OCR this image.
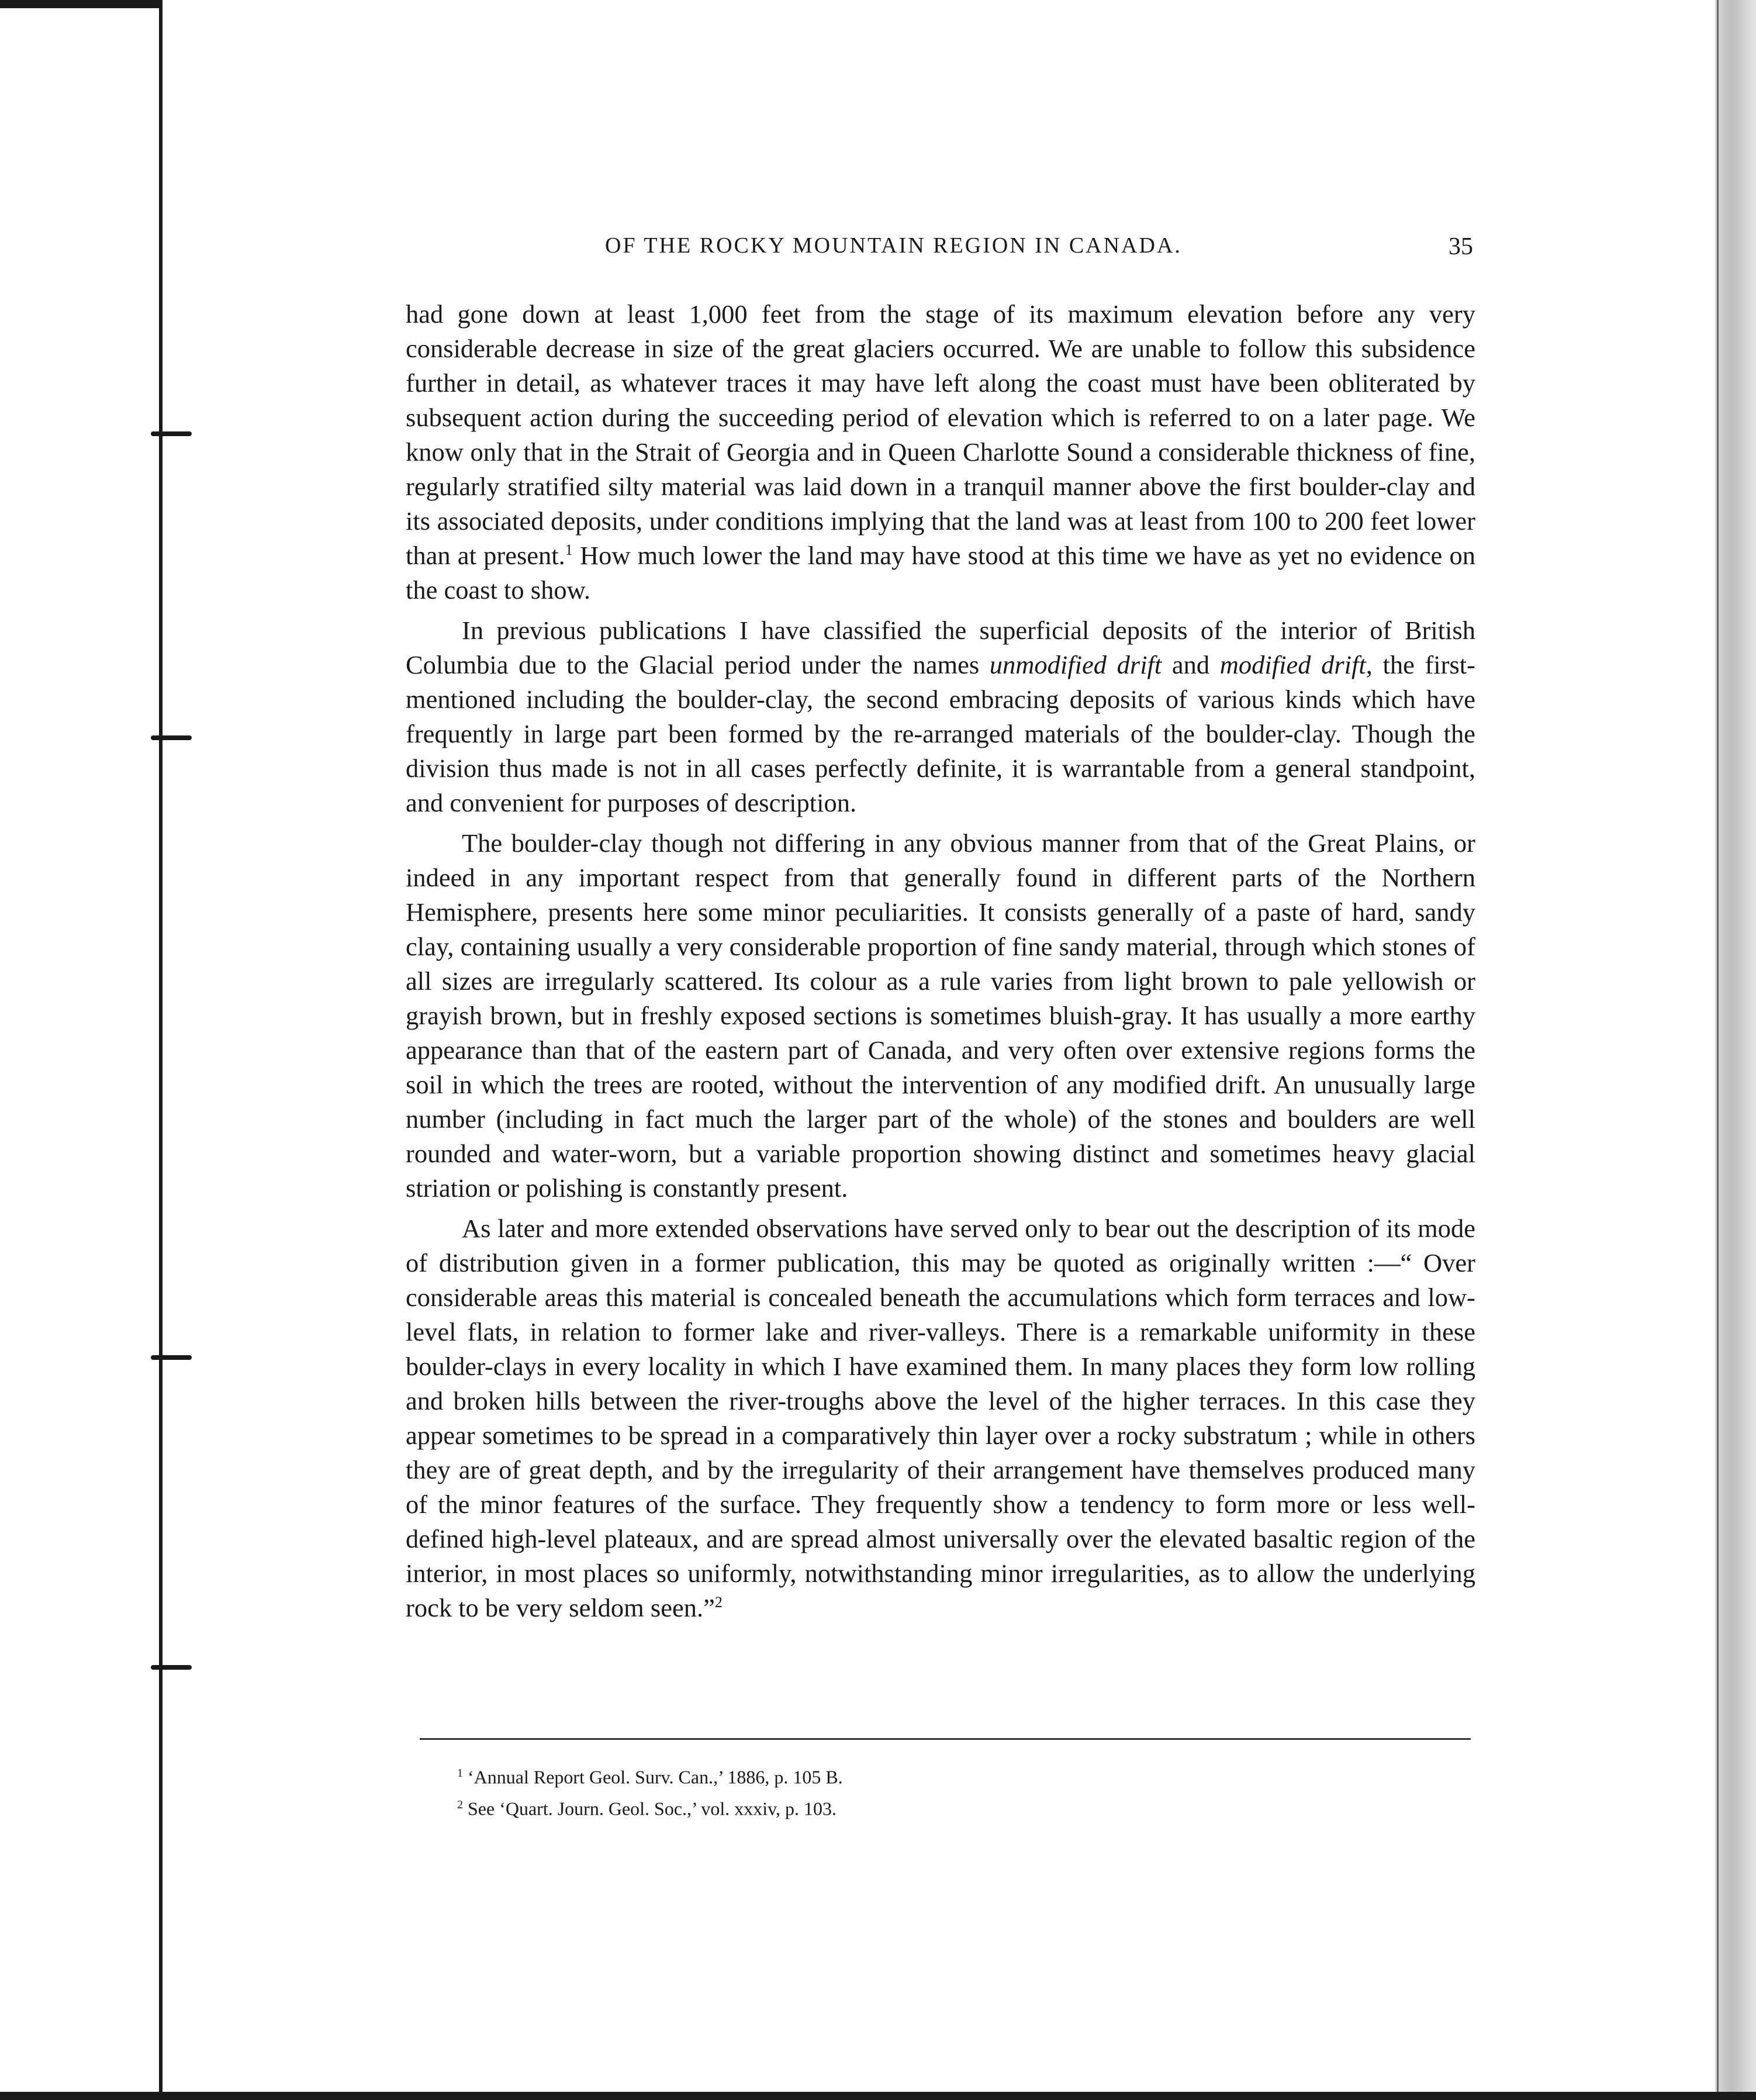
OF THE ROCKY MOUNTAIN REGION IN CANADA.	35

had gone down at least 1,000 feet from the stage of its maximum elevation before any very considerable decrease in size of the great glaciers occurred. We are unable to follow this subsidence further in detail, as whatever traces it may have left along the coast must have been obliterated by subsequent action during the succeeding period of elevation which is referred to on a later page. We know only that in the Strait of Georgia and in Queen Charlotte Sound a considerable thickness of fine, regularly stratified silty material was laid down in a tranquil manner above the first boulder-clay and its associated deposits, under conditions implying that the land was at least from 100 to 200 feet lower than at present.$^1$ How much lower the land may have stood at this time we have as yet no evidence on the coast to show.

In previous publications I have classified the superficial deposits of the interior of British Columbia due to the Glacial period under the names unmodified drift and modified drift, the first-mentioned including the boulder-clay, the second embracing deposits of various kinds which have frequently in large part been formed by the re-arranged materials of the boulder-clay. Though the division thus made is not in all cases perfectly definite, it is warrantable from a general standpoint, and convenient for purposes of description.

The boulder-clay though not differing in any obvious manner from that of the Great Plains, or indeed in any important respect from that generally found in different parts of the Northern Hemisphere, presents here some minor peculiarities. It consists generally of a paste of hard, sandy clay, containing usually a very considerable proportion of fine sandy material, through which stones of all sizes are irregularly scattered. Its colour as a rule varies from light brown to pale yellowish or grayish brown, but in freshly exposed sections is sometimes bluish-gray. It has usually a more earthy appearance than that of the eastern part of Canada, and very often over extensive regions forms the soil in which the trees are rooted, without the intervention of any modified drift. An unusually large number (including in fact much the larger part of the whole) of the stones and boulders are well rounded and water-worn, but a variable proportion showing distinct and sometimes heavy glacial striation or polishing is constantly present.

As later and more extended observations have served only to bear out the description of its mode of distribution given in a former publication, this may be quoted as originally written :—“ Over considerable areas this material is concealed beneath the accumulations which form terraces and low-level flats, in relation to former lake and river-valleys. There is a remarkable uniformity in these boulder-clays in every locality in which I have examined them. In many places they form low rolling and broken hills between the river-troughs above the level of the higher terraces. In this case they appear sometimes to be spread in a comparatively thin layer over a rocky substratum ; while in others they are of great depth, and by the irregularity of their arrangement have themselves produced many of the minor features of the surface. They frequently show a tendency to form more or less well-defined high-level plateaux, and are spread almost universally over the elevated basaltic region of the interior, in most places so uniformly, notwithstanding minor irregularities, as to allow the underlying rock to be very seldom seen.”$^2$

$^1$ ‘Annual Report Geol. Surv. Can.,’ 1886, p. 105 B.
$^2$ See ‘Quart. Journ. Geol. Soc.,’ vol. xxxiv, p. 103.
